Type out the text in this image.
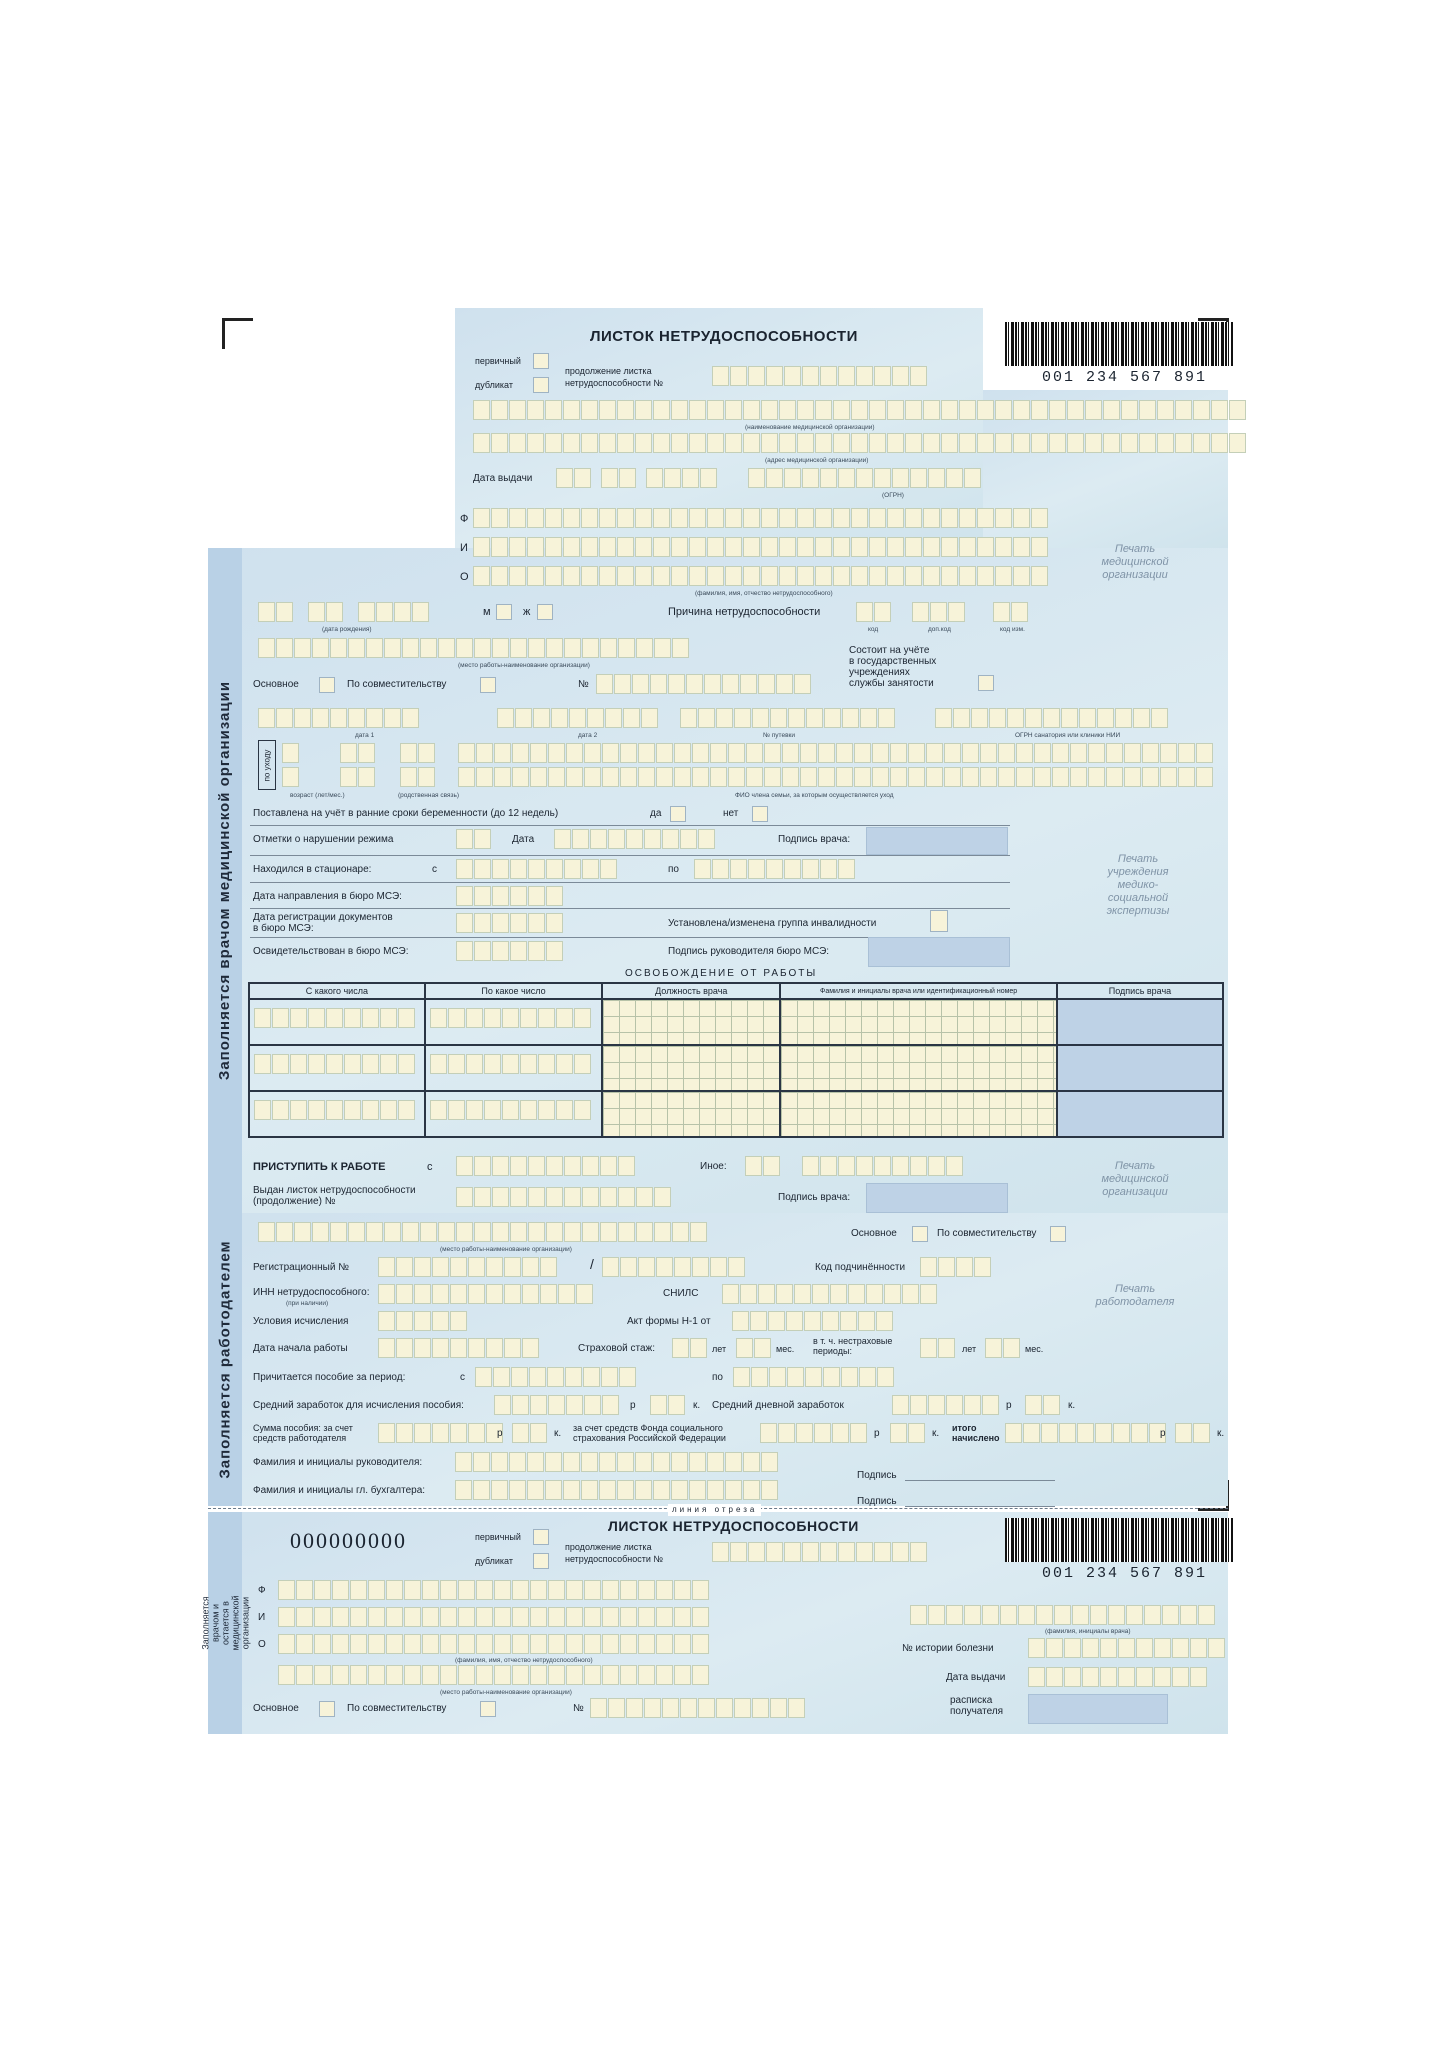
Заполняется врачом медицинской организации
Заполняется работодателем
Заполняется врачом и остается в медицинской организации
ЛИСТОК НЕТРУДОСПОСОБНОСТИ
001 234 567 891
первичный
дубликат
продолжение листка
нетрудоспособности №
(наименование медицинской организации)
(адрес медицинской организации)
Дата выдачи
(ОГРН)
Ф
И
О
(фамилия, имя, отчество нетрудоспособного)
Печать
медицинской
организации
(дата рождения)
м	ж	Причина нетрудоспособности
код	доп.код	код изм.
(место работы-наименование организации)
Состоит на учёте
в государственных
учреждениях
службы занятости
Основное	По совместительству	№
дата 1	дата 2	№ путевки	ОГРН санатория или клиники НИИ
по уходу
возраст (лет/мес.)	(родственная связь)	ФИО члена семьи, за которым осуществляется уход
Поставлена на учёт в ранние сроки беременности (до 12 недель)	да	нет
Отметки о нарушении режима	Дата	Подпись врача:
Находился в стационаре:	с	по
Дата направления в бюро МСЭ:
Дата регистрации документов
в бюро МСЭ:	Установлена/изменена группа инвалидности
Освидетельствован в бюро МСЭ:	Подпись руководителя бюро МСЭ:
Печать
учреждения
медико-
социальной
экспертизы
ОСВОБОЖДЕНИЕ ОТ РАБОТЫ
С какого числа	По какое число	Должность врача	Фамилия и инициалы врача или идентификационный номер	Подпись врача

ПРИСТУПИТЬ К РАБОТЕ	с	Иное:
Выдан листок нетрудоспособности
(продолжение) №	Подпись врача:
Печать
медицинской
организации
(место работы-наименование организации)
Основное	По совместительству
Регистрационный №	/	Код подчинённости
ИНН нетрудоспособного:
(при наличии)
СНИЛС	Печать
работодателя
Условия исчисления	Акт формы Н-1 от
Дата начала работы	Страховой стаж:	лет	мес.
в т. ч. нестраховые
периоды:	лет	мес.
Причитается пособие за период:	с	по
Средний заработок для исчисления пособия:	р	к. Средний дневной заработок	р	к.
Сумма пособия: за счет
средств работодателя	р	к. за счет средств Фонда социального
страхования Российской Федерации	р	к. итого
начислено	р	к.
Фамилия и инициалы руководителя:
Подпись
Фамилия и инициалы гл. бухгалтера:
Подпись
линия отреза
000000000	первичный
дубликат
ЛИСТОК НЕТРУДОСПОСОБНОСТИ
продолжение листка
нетрудоспособности №
001 234 567 891
Ф
И
О
(фамилия, имя, отчество нетрудоспособного)
(место работы-наименование организации)
Основное	По совместительству	№
(фамилия, инициалы врача)
№ истории болезни
Дата выдачи
расписка
получателя
